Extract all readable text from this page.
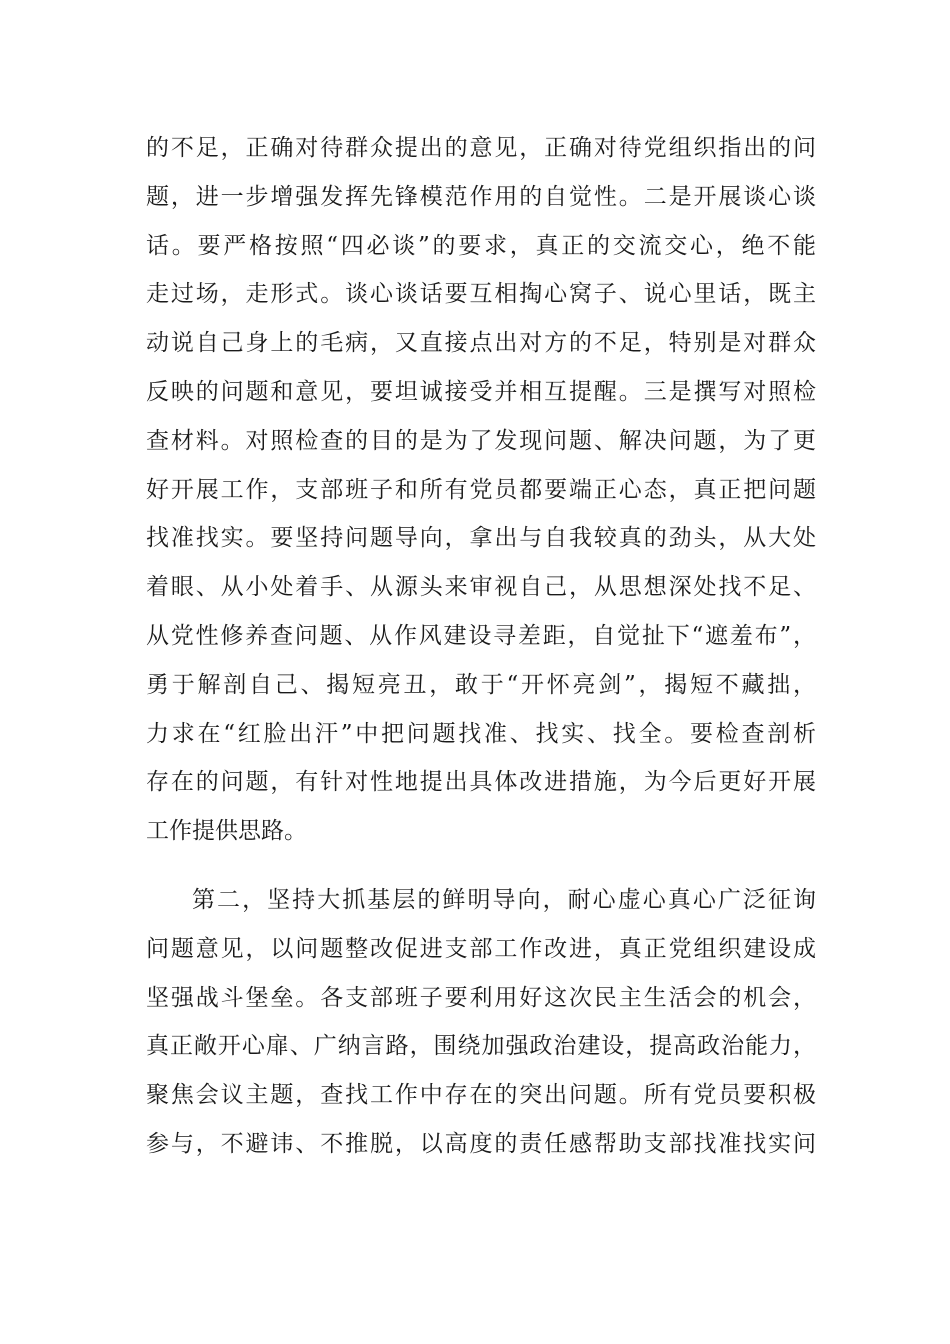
的不足，正确对待群众提出的意见，正确对待党组织指出的问
题，进一步增强发挥先锋模范作用的自觉性。二是开展谈心谈
话。要严格按照“四必谈”的要求，真正的交流交心，绝不能
走过场，走形式。谈心谈话要互相掏心窝子、说心里话，既主
动说自己身上的毛病，又直接点出对方的不足，特别是对群众
反映的问题和意见，要坦诚接受并相互提醒。三是撰写对照检
查材料。对照检查的目的是为了发现问题、解决问题，为了更
好开展工作，支部班子和所有党员都要端正心态，真正把问题
找准找实。要坚持问题导向，拿出与自我较真的劲头，从大处
着眼、从小处着手、从源头来审视自己，从思想深处找不足、
从党性修养查问题、从作风建设寻差距，自觉扯下“遮羞布”，
勇于解剖自己、揭短亮丑，敢于“开怀亮剑”，揭短不藏拙，
力求在“红脸出汗”中把问题找准、找实、找全。要检查剖析
存在的问题，有针对性地提出具体改进措施，为今后更好开展
工作提供思路。
第二，坚持大抓基层的鲜明导向，耐心虚心真心广泛征询
问题意见，以问题整改促进支部工作改进，真正党组织建设成
坚强战斗堡垒。各支部班子要利用好这次民主生活会的机会，
真正敞开心扉、广纳言路，围绕加强政治建设，提高政治能力，
聚焦会议主题，查找工作中存在的突出问题。所有党员要积极
参与，不避讳、不推脱，以高度的责任感帮助支部找准找实问
